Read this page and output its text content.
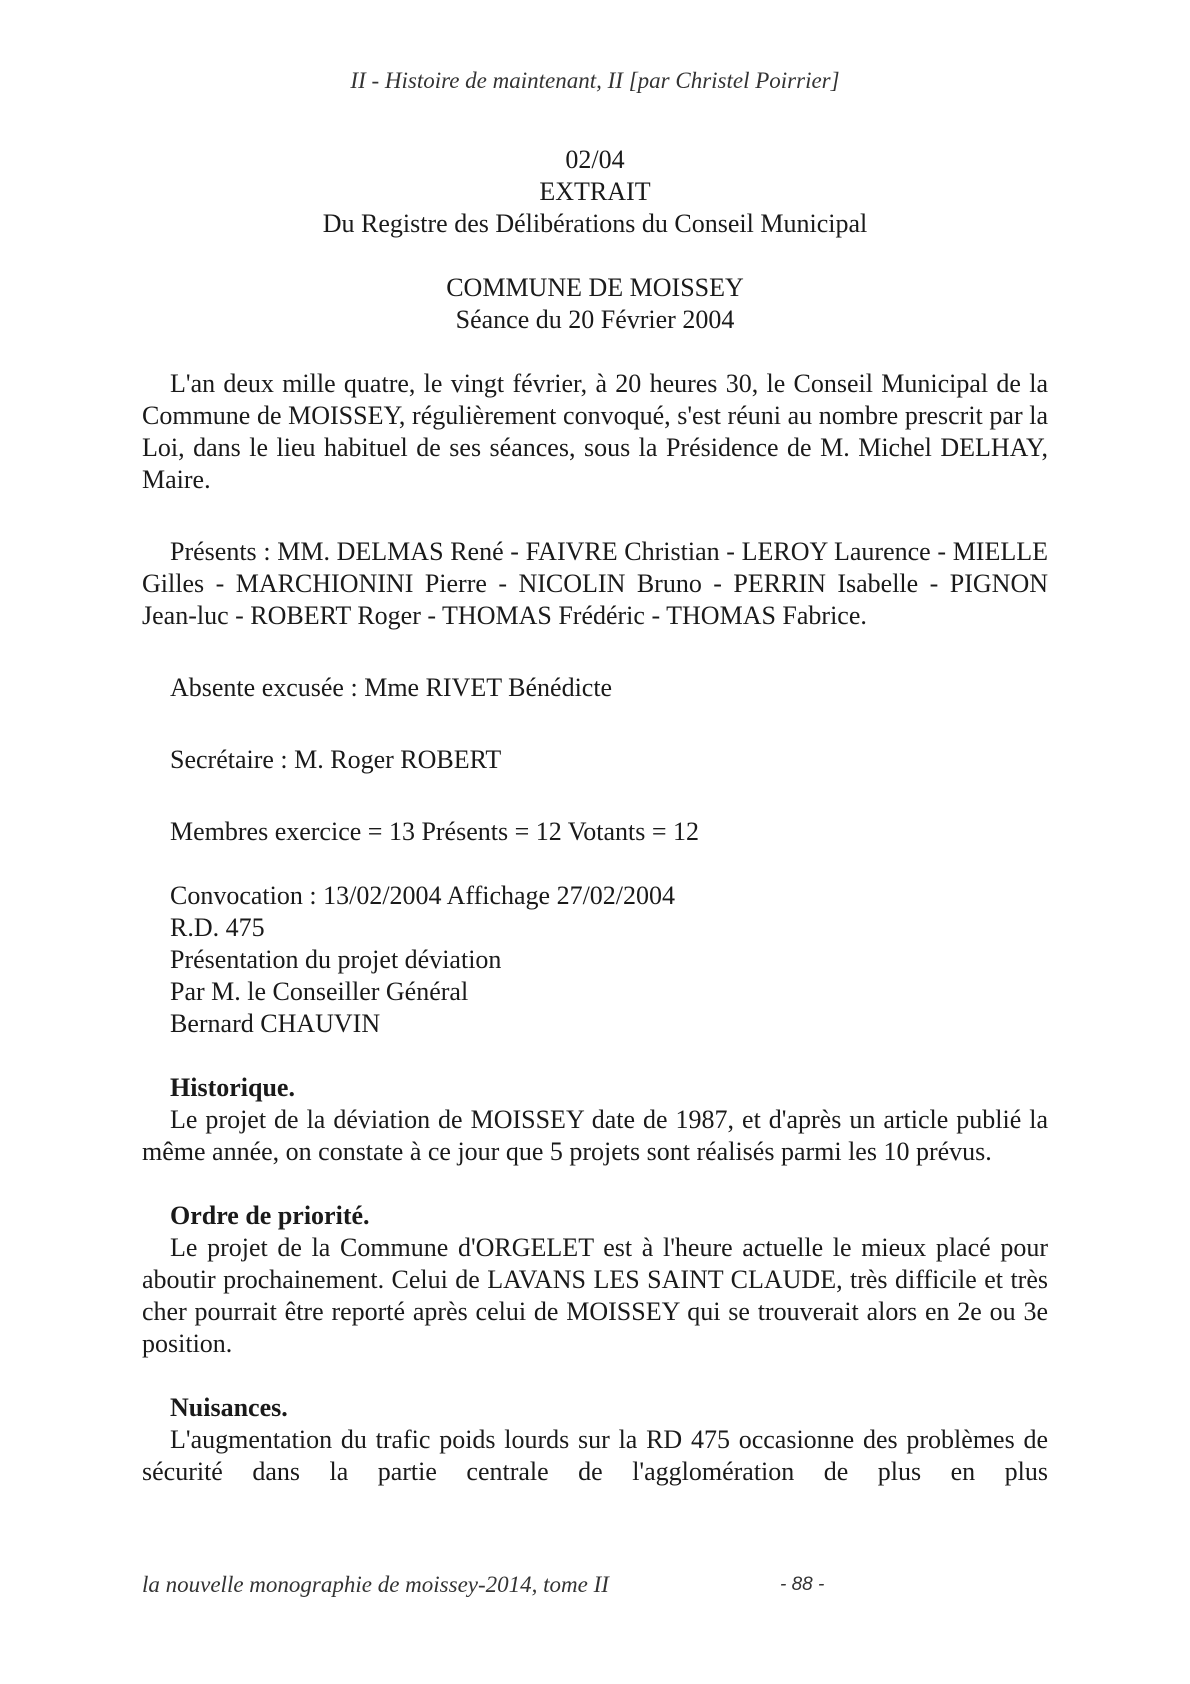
II - Histoire de maintenant, II [par Christel Poirrier]
02/04
EXTRAIT
Du Registre des Délibérations du Conseil Municipal
COMMUNE DE MOISSEY
Séance du 20 Février 2004

L'an deux mille quatre, le vingt février, à 20 heures 30, le Conseil Municipal de la Commune de MOISSEY, régulièrement convoqué, s'est réuni au nombre prescrit par la Loi, dans le lieu habituel de ses séances, sous la Présidence de M. Michel DELHAY, Maire.

Présents : MM. DELMAS René - FAIVRE Christian - LEROY Laurence - MIELLE Gilles - MARCHIONINI Pierre - NICOLIN Bruno - PERRIN Isabelle - PIGNON Jean-luc - ROBERT Roger - THOMAS Frédéric - THOMAS Fabrice.

Absente excusée : Mme RIVET Bénédicte

Secrétaire : M. Roger ROBERT

Membres exercice = 13 Présents = 12 Votants = 12

Convocation : 13/02/2004 Affichage 27/02/2004
R.D. 475
Présentation du projet déviation
Par M. le Conseiller Général
Bernard CHAUVIN
Historique.

Le projet de la déviation de MOISSEY date de 1987, et d'après un article publié la même année, on constate à ce jour que 5 projets sont réalisés parmi les 10 prévus.

Ordre de priorité.

Le projet de la Commune d'ORGELET est à l'heure actuelle le mieux placé pour aboutir prochainement. Celui de LAVANS LES SAINT CLAUDE, très difficile et très cher pourrait être reporté après celui de MOISSEY qui se trouverait alors en 2e ou 3e position.

Nuisances.

L'augmentation du trafic poids lourds sur la RD 475 occasionne des problèmes de sécurité dans la partie centrale de l'agglomération de plus en plus

la nouvelle monographie de moissey-2014, tome II	- 88 -
